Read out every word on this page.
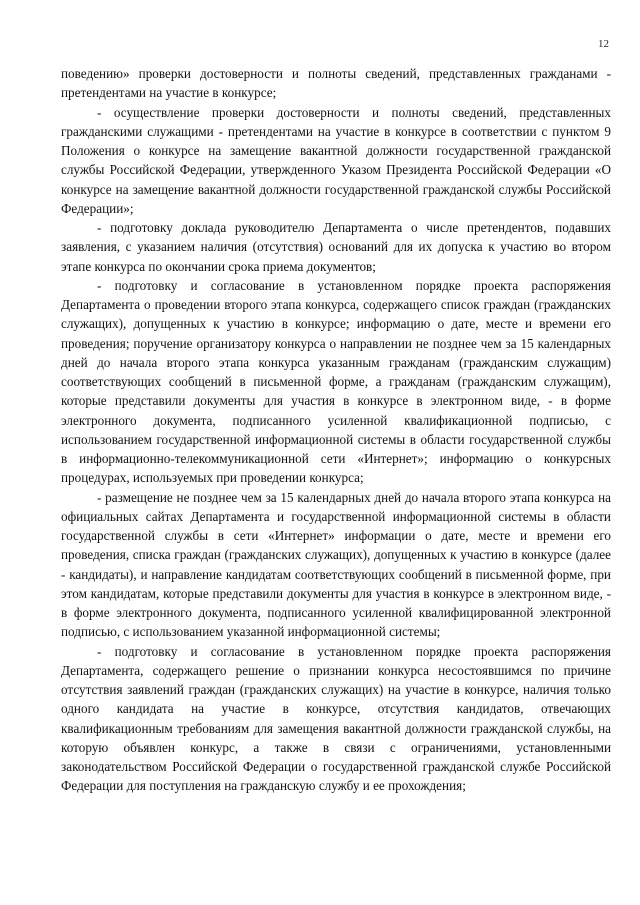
12

поведению» проверки достоверности и полноты сведений, представленных гражданами - претендентами на участие в конкурсе;

- осуществление проверки достоверности и полноты сведений, представленных гражданскими служащими - претендентами на участие в конкурсе в соответствии с пунктом 9 Положения о конкурсе на замещение вакантной должности государственной гражданской службы Российской Федерации, утвержденного Указом Президента Российской Федерации «О конкурсе на замещение вакантной должности государственной гражданской службы Российской Федерации»;

- подготовку доклада руководителю Департамента о числе претендентов, подавших заявления, с указанием наличия (отсутствия) оснований для их допуска к участию во втором этапе конкурса по окончании срока приема документов;

- подготовку и согласование в установленном порядке проекта распоряжения Департамента о проведении второго этапа конкурса, содержащего список граждан (гражданских служащих), допущенных к участию в конкурсе; информацию о дате, месте и времени его проведения; поручение организатору конкурса о направлении не позднее чем за 15 календарных дней до начала второго этапа конкурса указанным гражданам (гражданским служащим) соответствующих сообщений в письменной форме, а гражданам (гражданским служащим), которые представили документы для участия в конкурсе в электронном виде, - в форме электронного документа, подписанного усиленной квалификационной подписью, с использованием государственной информационной системы в области государственной службы в информационно-телекоммуникационной сети «Интернет»; информацию о конкурсных процедурах, используемых при проведении конкурса;

- размещение не позднее чем за 15 календарных дней до начала второго этапа конкурса на официальных сайтах Департамента и государственной информационной системы в области государственной службы в сети «Интернет» информации о дате, месте и времени его проведения, списка граждан (гражданских служащих), допущенных к участию в конкурсе (далее - кандидаты), и направление кандидатам соответствующих сообщений в письменной форме, при этом кандидатам, которые представили документы для участия в конкурсе в электронном виде, - в форме электронного документа, подписанного усиленной квалифицированной электронной подписью, с использованием указанной информационной системы;

- подготовку и согласование в установленном порядке проекта распоряжения Департамента, содержащего решение о признании конкурса несостоявшимся по причине отсутствия заявлений граждан (гражданских служащих) на участие в конкурсе, наличия только одного кандидата на участие в конкурсе, отсутствия кандидатов, отвечающих квалификационным требованиям для замещения вакантной должности гражданской службы, на которую объявлен конкурс, а также в связи с ограничениями, установленными законодательством Российской Федерации о государственной гражданской службе Российской Федерации для поступления на гражданскую службу и ее прохождения;
